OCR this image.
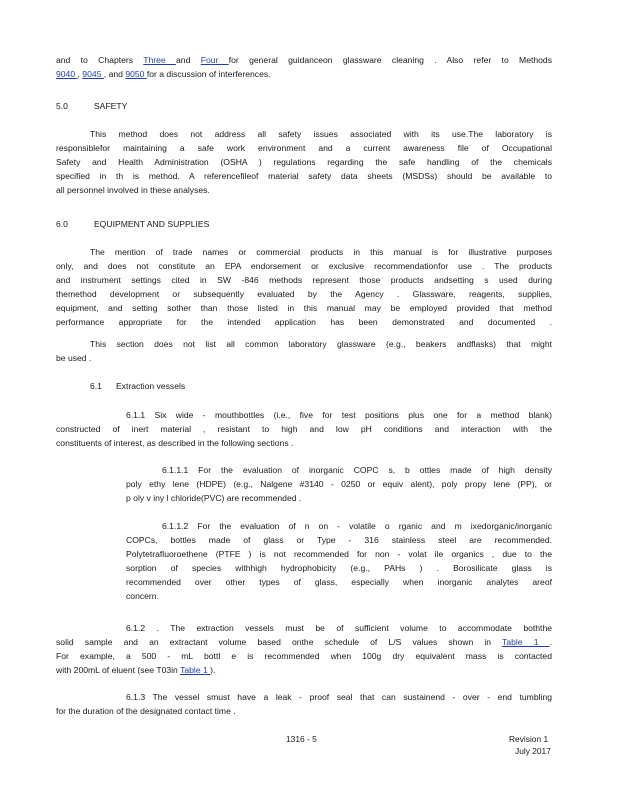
and to Chapters Three and Four for general guidanceon glassware cleaning . Also refer to Methods
9040 , 9045 , and 9050 for a discussion of interferences.
5.0	SAFETY
This method does not address all safety issues associated with its use.The laboratory is
responsiblefor maintaining a safe work environment and a current awareness file of Occupational
Safety and Health Administration (OSHA ) regulations regarding the safe handling of the chemicals
specified in th is method. A referencefileof material safety data sheets (MSDSs) should be available to
all personnel involved in these analyses.
6.0	EQUIPMENT AND SUPPLIES
The mention of trade names or commercial products in this manual is for illustrative purposes
only, and does not constitute an EPA endorsement or exclusive recommendationfor use . The products
and instrument settings cited in SW -846 methods represent those products andsetting s used during
themethod development or subsequently evaluated by the Agency . Glassware, reagents, supplies,
equipment, and setting sother than those listed in this manual may be employed provided that method
performance appropriate for the intended application has been demonstrated and documented .
This section does not list all common laboratory glassware (e.g., beakers andflasks) that might
be used .
6.1 Extraction vessels
6.1.1 Six wide - mouthbottles (i.e., five for test positions plus one for a method blank)
constructed of inert material , resistant to high and low pH conditions and interaction with the
constituents of interest, as described in the following sections .
6.1.1.1 For the evaluation of inorganic COPC s, b ottles made of high density
poly ethy lene (HDPE) (e.g., Nalgene #3140 - 0250 or equiv alent), poly propy lene (PP), or
p oly v iny l chloride(PVC) are recommended .
6.1.1.2 For the evaluation of n on - volatile o rganic and m ixedorganic/inorganic
COPCs, bottles made of glass or Type - 316 stainless steel are recommended.
Polytetrafluoroethene (PTFE ) is not recommended for non - volat ile organics , due to the
sorption of species withhigh hydrophobicity (e.g., PAHs ) . Borosilicate glass is
recommended over other types of glass, especially when inorganic analytes areof
concern.
6.1.2 . The extraction vessels must be of sufficient volume to accommodate boththe
solid sample and an extractant volume based onthe schedule of L/S values shown in Table 1 .
For example, a 500 - mL bottl e is recommended when 100g dry equivalent mass is contacted
with 200mL of eluent (see T03in Table 1 ).
6.1.3 The vessel smust have a leak - proof seal that can sustainend - over - end tumbling
for the duration of the designated contact time .
1316 - 5	Revision 1
July 2017
